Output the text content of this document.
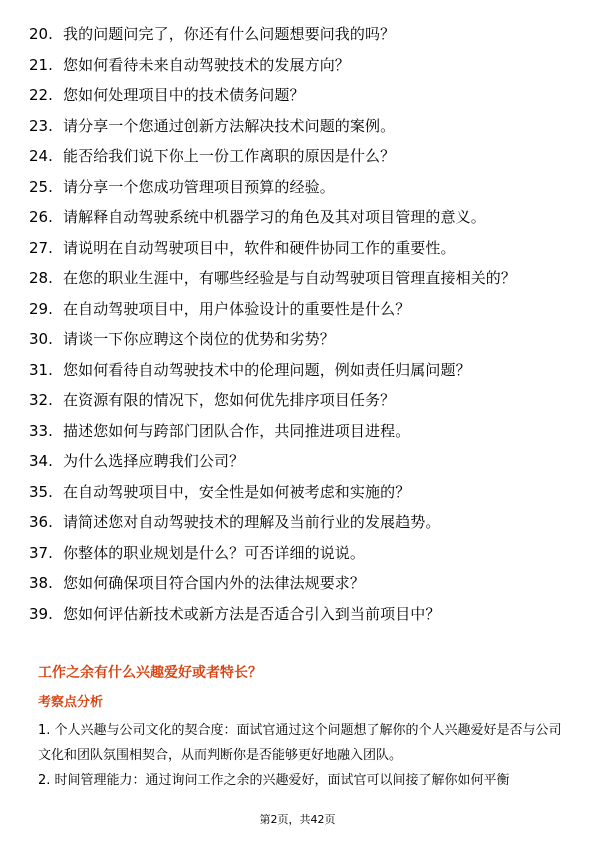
20. 我的问题问完了，你还有什么问题想要问我的吗？
21. 您如何看待未来自动驾驶技术的发展方向？
22. 您如何处理项目中的技术债务问题？
23. 请分享一个您通过创新方法解决技术问题的案例。
24. 能否给我们说下你上一份工作离职的原因是什么？
25. 请分享一个您成功管理项目预算的经验。
26. 请解释自动驾驶系统中机器学习的角色及其对项目管理的意义。
27. 请说明在自动驾驶项目中，软件和硬件协同工作的重要性。
28. 在您的职业生涯中，有哪些经验是与自动驾驶项目管理直接相关的？
29. 在自动驾驶项目中，用户体验设计的重要性是什么？
30. 请谈一下你应聘这个岗位的优势和劣势？
31. 您如何看待自动驾驶技术中的伦理问题，例如责任归属问题？
32. 在资源有限的情况下，您如何优先排序项目任务？
33. 描述您如何与跨部门团队合作，共同推进项目进程。
34. 为什么选择应聘我们公司？
35. 在自动驾驶项目中，安全性是如何被考虑和实施的？
36. 请简述您对自动驾驶技术的理解及当前行业的发展趋势。
37. 你整体的职业规划是什么？可否详细的说说。
38. 您如何确保项目符合国内外的法律法规要求？
39. 您如何评估新技术或新方法是否适合引入到当前项目中？
工作之余有什么兴趣爱好或者特长？
考察点分析

1. 个人兴趣与公司文化的契合度：面试官通过这个问题想了解你的个人兴趣爱好是否与公司文化和团队氛围相契合，从而判断你是否能够更好地融入团队。

2. 时间管理能力：通过询问工作之余的兴趣爱好，面试官可以间接了解你如何平衡

第2页，共42页
